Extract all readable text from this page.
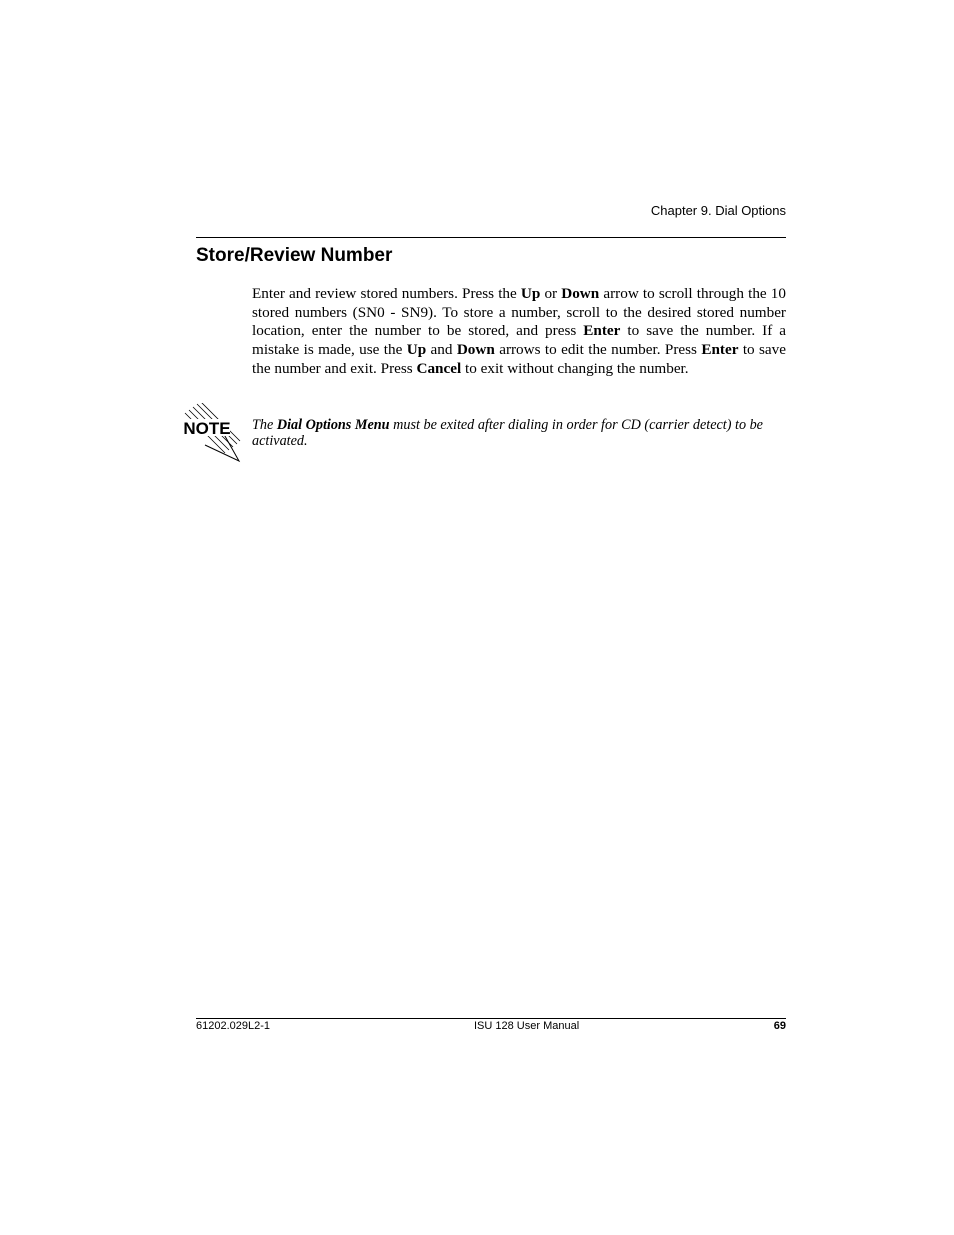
Chapter 9. Dial Options
Store/Review Number

Enter and review stored numbers. Press the Up or Down arrow to scroll through the 10 stored numbers (SN0 - SN9). To store a number, scroll to the desired stored number location, enter the number to be stored, and press Enter to save the number. If a mistake is made, use the Up and Down arrows to edit the number. Press Enter to save the number and exit. Press Cancel to exit without changing the number.

NOTE The Dial Options Menu must be exited after dialing in order for CD (carrier detect) to be activated.

61202.029L2-1	ISU 128 User Manual	69
